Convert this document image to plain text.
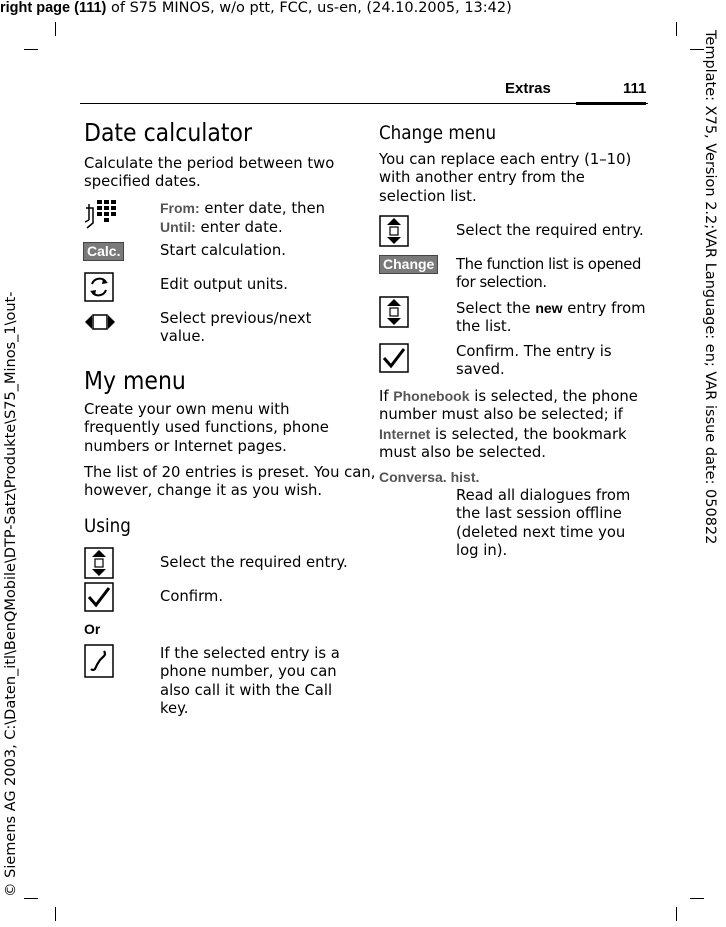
right page (111) of S75 MINOS, w/o ptt, FCC, us-en, (24.10.2005, 13:42)
Template: X75, Version 2.2;VAR Language: en; VAR issue date: 050822
© Siemens AG 2003, C:\Daten_itl\BenQMobile\DTP-Satz\Produkte\S75_Minos_1\out-
Extras	111
Date calculator
Calculate the period between two specified dates.
From: enter date, then
Until: enter date.
Calc.	Start calculation.
Edit output units.
Select previous/next value.
My menu
Create your own menu with frequently used functions, phone numbers or Internet pages.
The list of 20 entries is preset. You can, however, change it as you wish.
Using
Select the required entry.
Confirm.
Or
If the selected entry is a phone number, you can also call it with the Call key.
Change menu
You can replace each entry (1–10) with another entry from the selection list.
Select the required entry.
Change The function list is opened for selection.
Select the new entry from the list.
Confirm. The entry is saved.
If Phonebook is selected, the phone number must also be selected; if Internet is selected, the bookmark must also be selected.
Conversa. hist.
Read all dialogues from the last session offline (deleted next time you log in).
